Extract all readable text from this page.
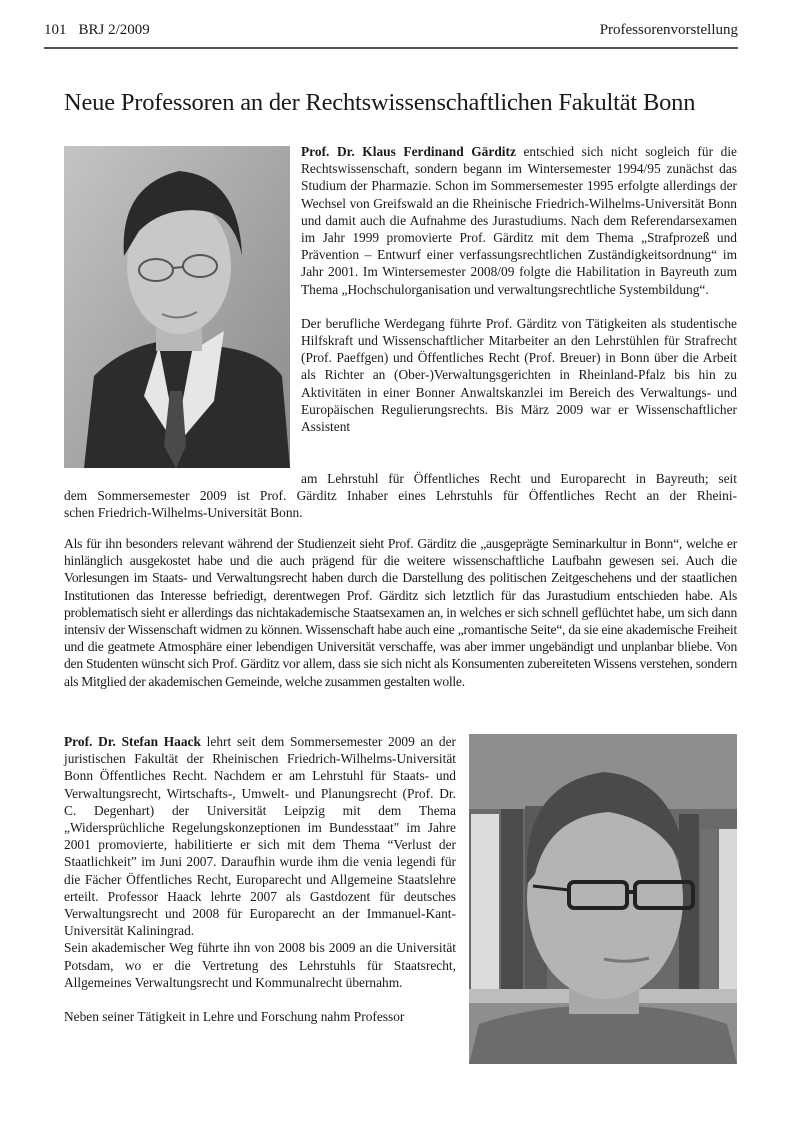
101 BRJ 2/2009	Professorenvorstellung
Neue Professoren an der Rechtswissenschaftlichen Fakultät Bonn

Prof. Dr. Klaus Ferdinand Gärditz entschied sich nicht sogleich für die Rechtswissenschaft, sondern begann im Wintersemester 1994/95 zunächst das Studium der Pharmazie. Schon im Sommersemester 1995 erfolgte allerdings der Wechsel von Greifswald an die Rheinische Friedrich-Wilhelms-Universität Bonn und damit auch die Aufnahme des Jurastudiums. Nach dem Referendarsexamen im Jahr 1999 promovierte Prof. Gärditz mit dem Thema „Strafprozeß und Prävention – Entwurf einer verfassungsrechtlichen Zuständigkeitsordnung“ im Jahr 2001. Im Wintersemester 2008/09 folgte die Habilitation in Bayreuth zum Thema „Hochschulorganisation und verwaltungsrechtliche Systembildung“.

Der berufliche Werdegang führte Prof. Gärditz von Tätigkeiten als studentische Hilfskraft und Wissenschaftlicher Mitarbeiter an den Lehrstühlen für Strafrecht (Prof. Paeffgen) und Öffentliches Recht (Prof. Breuer) in Bonn über die Arbeit als Richter an (Ober-)Verwaltungsgerichten in Rheinland-Pfalz bis hin zu Aktivitäten in einer Bonner Anwaltskanzlei im Bereich des Verwaltungs- und Europäischen Regulierungsrechts. Bis März 2009 war er Wissenschaftlicher Assistent

am Lehrstuhl für Öffentliches Recht und Europarecht in Bayreuth; seit
dem Sommersemester 2009 ist Prof. Gärditz Inhaber eines Lehrstuhls für Öffentliches Recht an der Rheini-
schen Friedrich-Wilhelms-Universität Bonn.

Als für ihn besonders relevant während der Studienzeit sieht Prof. Gärditz die „ausgeprägte Seminarkultur in Bonn“, welche er hinlänglich ausgekostet habe und die auch prägend für die weitere wissenschaftliche Laufbahn gewesen sei. Auch die Vorlesungen im Staats- und Verwaltungsrecht haben durch die Darstellung des politischen Zeitgeschehens und der staatlichen Institutionen das Interesse befriedigt, derentwegen Prof. Gärditz sich letztlich für das Jurastudium entschieden habe. Als problematisch sieht er allerdings das nichtakademische Staatsexamen an, in welches er sich schnell geflüchtet habe, um sich dann intensiv der Wissenschaft widmen zu können. Wissenschaft habe auch eine „romantische Seite“, da sie eine akademische Freiheit und die geatmete Atmosphäre einer lebendigen Universität verschaffe, was aber immer ungebändigt und unplanbar bliebe. Von den Studenten wünscht sich Prof. Gärditz vor allem, dass sie sich nicht als Konsumenten zubereiteten Wissens verstehen, sondern als Mitglied der akademischen Gemeinde, welche zusammen gestalten wolle.

Prof. Dr. Stefan Haack lehrt seit dem Sommersemester 2009 an der juristischen Fakultät der Rheinischen Friedrich-Wilhelms-Universität Bonn Öffentliches Recht. Nachdem er am Lehrstuhl für Staats- und Verwaltungsrecht, Wirtschafts-, Umwelt- und Planungsrecht (Prof. Dr. C. Degenhart) der Universität Leipzig mit dem Thema „Widersprüchliche Regelungskonzeptionen im Bundesstaat" im Jahre 2001 promovierte, habilitierte er sich mit dem Thema “Verlust der Staatlichkeit” im Juni 2007. Daraufhin wurde ihm die venia legendi für die Fächer Öffentliches Recht, Europarecht und Allgemeine Staatslehre erteilt. Professor Haack lehrte 2007 als Gastdozent für deutsches Verwaltungsrecht und 2008 für Europarecht an der Immanuel-Kant-Universität Kaliningrad.

Sein akademischer Weg führte ihn von 2008 bis 2009 an die Universität Potsdam, wo er die Vertretung des Lehrstuhls für Staatsrecht, Allgemeines Verwaltungsrecht und Kommunalrecht übernahm.

Neben seiner Tätigkeit in Lehre und Forschung nahm Professor
